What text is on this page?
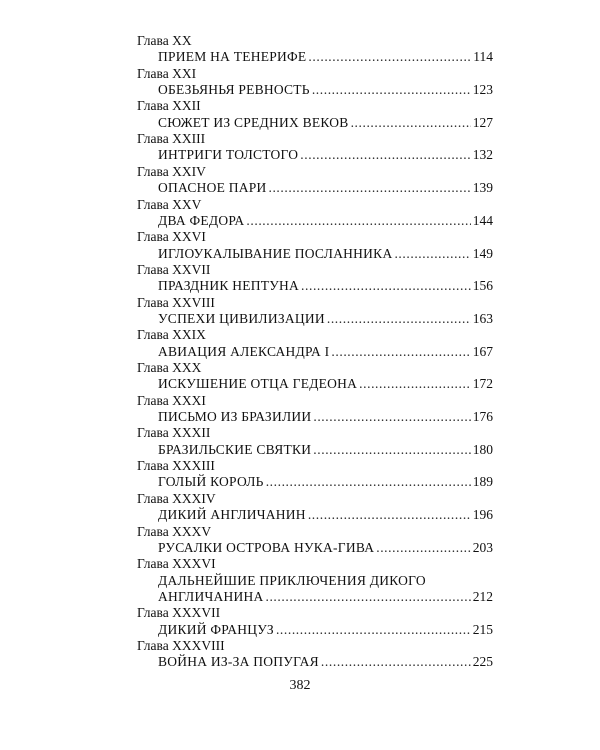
Глава XX
ПРИЕМ НА ТЕНЕРИФЕ .....	114
Глава XXI
ОБЕЗЬЯНЬЯ РЕВНОСТЬ .....	123
Глава XXII
СЮЖЕТ ИЗ СРЕДНИХ ВЕКОВ .....	127
Глава XXIII
ИНТРИГИ ТОЛСТОГО .....	132
Глава XXIV
ОПАСНОЕ ПАРИ .....	139
Глава XXV
ДВА ФЕДОРА .....	144
Глава XXVI
ИГЛОУКАЛЫВАНИЕ ПОСЛАННИКА .....	149
Глава XXVII
ПРАЗДНИК НЕПТУНА .....	156
Глава XXVIII
УСПЕХИ ЦИВИЛИЗАЦИИ .....	163
Глава XXIX
АВИАЦИЯ АЛЕКСАНДРА I .....	167
Глава XXX
ИСКУШЕНИЕ ОТЦА ГЕДЕОНА .....	172
Глава XXXI
ПИСЬМО ИЗ БРАЗИЛИИ .....	176
Глава XXXII
БРАЗИЛЬСКИЕ СВЯТКИ .....	180
Глава XXXIII
ГОЛЫЙ КОРОЛЬ .....	189
Глава XXXIV
ДИКИЙ АНГЛИЧАНИН .....	196
Глава XXXV
РУСАЛКИ ОСТРОВА НУКА-ГИВА .....	203
Глава XXXVI
ДАЛЬНЕЙШИЕ ПРИКЛЮЧЕНИЯ ДИКОГО
АНГЛИЧАНИНА .....	212
Глава XXXVII
ДИКИЙ ФРАНЦУЗ .....	215
Глава XXXVIII
ВОЙНА ИЗ-ЗА ПОПУГАЯ .....	225
382
